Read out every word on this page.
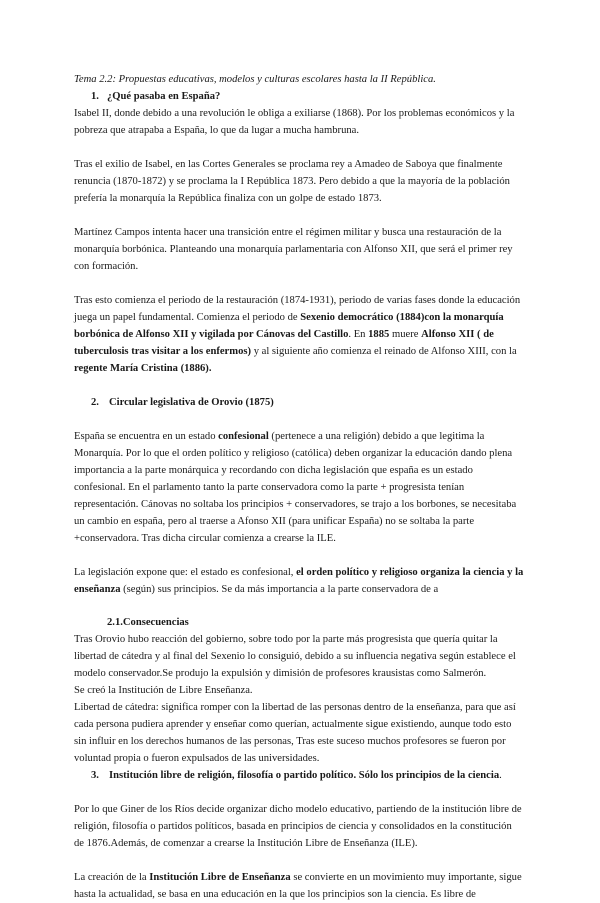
Tema 2.2: Propuestas educativas, modelos y culturas escolares hasta la II República.

1. ¿Qué pasaba en España?

Isabel II, donde debido a una revolución le obliga a exiliarse (1868). Por los problemas económicos y la pobreza que atrapaba a España, lo que da lugar a mucha hambruna.

Tras el exilio de Isabel, en las Cortes Generales se proclama rey a Amadeo de Saboya que finalmente renuncia (1870-1872) y se proclama la I República 1873. Pero debido a que la mayoría de la población prefería la monarquía la República finaliza con un golpe de estado 1873.

Martínez Campos intenta hacer una transición entre el régimen militar y busca una restauración de la monarquía borbónica. Planteando una monarquía parlamentaria con Alfonso XII, que será el primer rey con formación.

Tras esto comienza el periodo de la restauración (1874-1931), periodo de varias fases donde la educación juega un papel fundamental. Comienza el periodo de Sexenio democrático (1884)con la monarquía borbónica de Alfonso XII y vigilada por Cánovas del Castillo. En 1885 muere Alfonso XII ( de tuberculosis tras visitar a los enfermos) y al siguiente año comienza el reinado de Alfonso XIII, con la regente María Cristina (1886).

2. Circular legislativa de Orovio (1875)

España se encuentra en un estado confesional (pertenece a una religión) debido a que legitima la Monarquía. Por lo que el orden político y religioso (católica) deben organizar la educación dando plena importancia a la parte monárquica y recordando con dicha legislación que españa es un estado confesional. En el parlamento tanto la parte conservadora como la parte + progresista tenían representación. Cánovas no soltaba los principios + conservadores, se trajo a los borbones, se necesitaba un cambio en españa, pero al traerse a Afonso XII (para unificar España) no se soltaba la parte +conservadora. Tras dicha circular comienza a crearse la ILE.

La legislación expone que: el estado es confesional, el orden político y religioso organiza la ciencia y la enseñanza (según) sus principios. Se da más importancia a la parte conservadora de a

2.1.Consecuencias

Tras Orovio hubo reacción del gobierno, sobre todo por la parte más progresista que quería quitar la libertad de cátedra y al final del Sexenio lo consiguió, debido a su influencia negativa según establece el modelo conservador.Se produjo la expulsión y dimisión de profesores krausistas como Salmerón.

Se creó la Institución de Libre Enseñanza.

Libertad de cátedra: significa romper con la libertad de las personas dentro de la enseñanza, para que así cada persona pudiera aprender y enseñar como querían, actualmente sigue existiendo, aunque todo esto sin influir en los derechos humanos de las personas, Tras este suceso muchos profesores se fueron por voluntad propia o fueron expulsados de las universidades.

3. Institución libre de religión, filosofía o partido político. Sólo los principios de la ciencia.

Por lo que Giner de los Ríos decide organizar dicho modelo educativo, partiendo de la institución libre de religión, filosofía o partidos políticos, basada en principios de ciencia y consolidados en la constitución de 1876.Además, de comenzar a crearse la Institución Libre de Enseñanza (ILE).

La creación de la Institución Libre de Enseñanza se convierte en un movimiento muy importante, sigue hasta la actualidad, se basa en una educación en la que los principios son la ciencia. Es libre de
